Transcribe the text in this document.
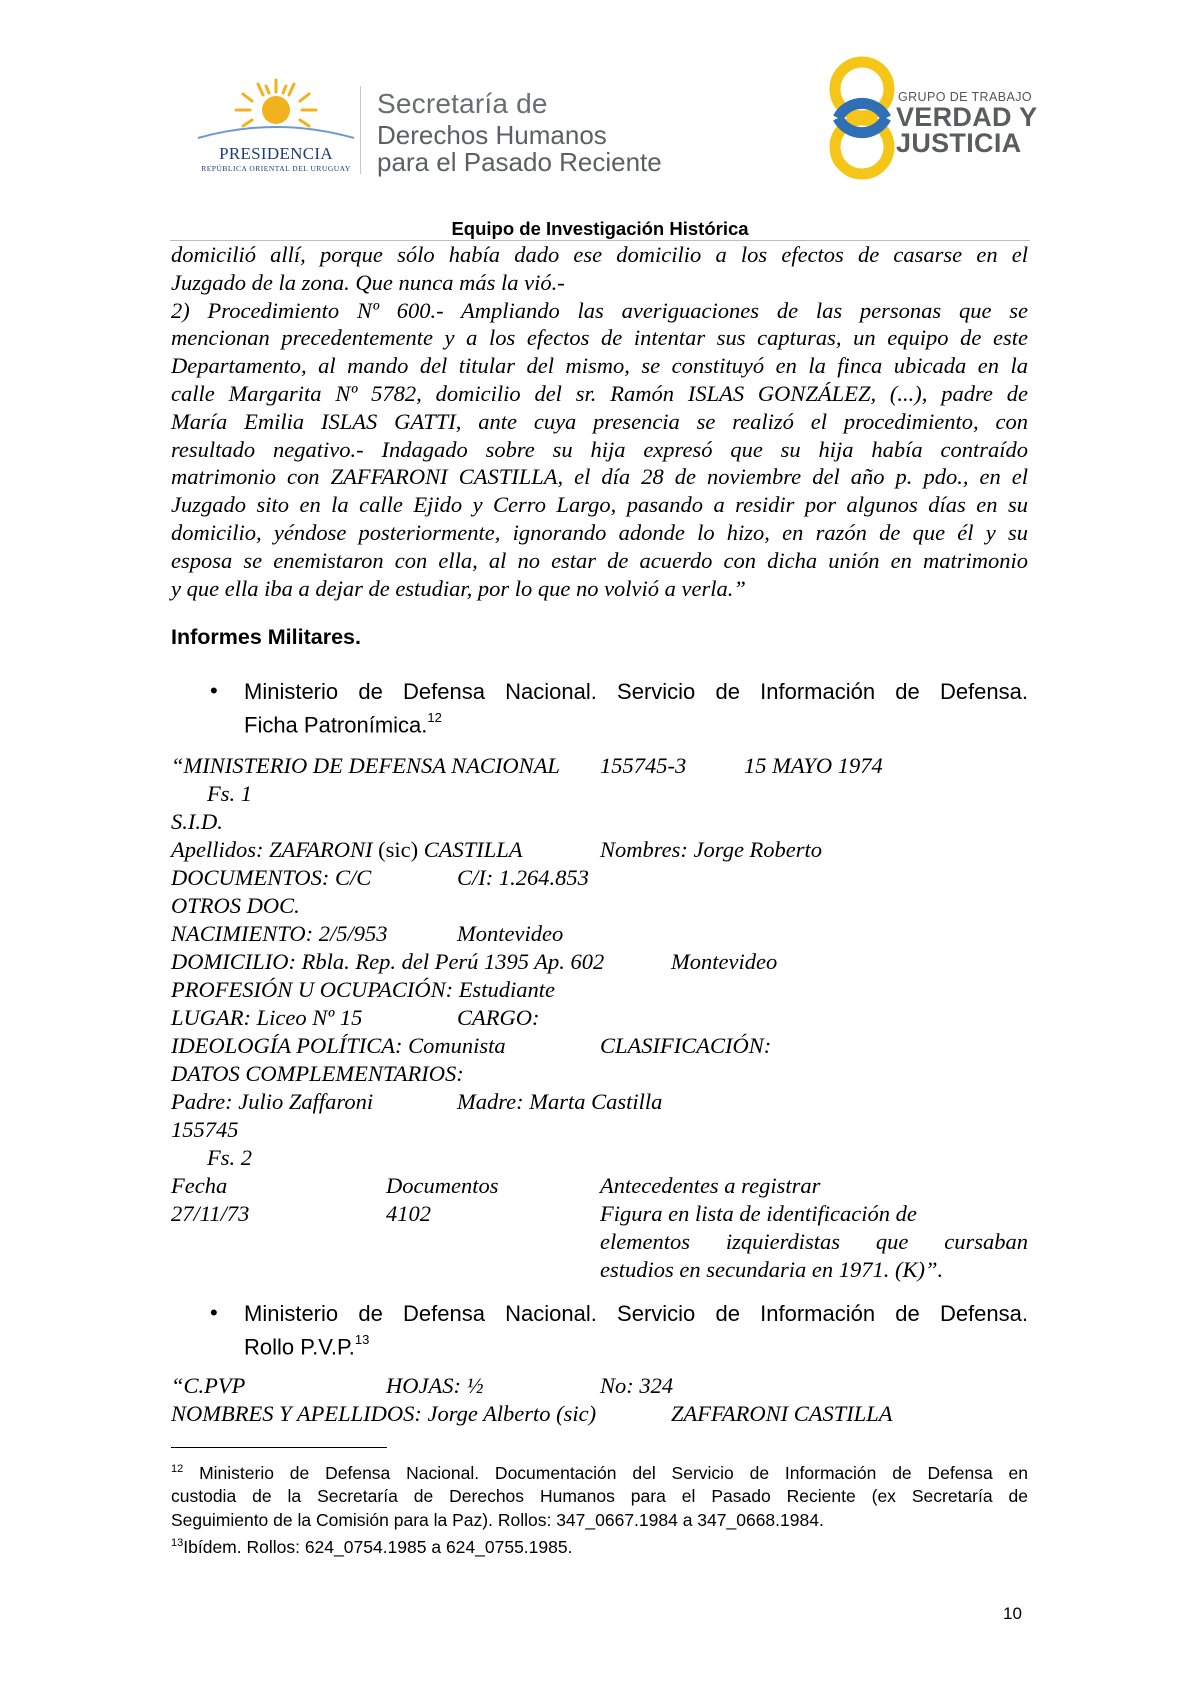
PRESIDENCIA
REPÚBLICA ORIENTAL DEL URUGUAY
Secretaría de
Derechos Humanos
para el Pasado Reciente
GRUPO DE TRABAJO
VERDAD Y
JUSTICIA
Equipo de Investigación Histórica
domicilió allí, porque sólo había dado ese domicilio a los efectos de casarse en el
Juzgado de la zona. Que nunca más la vió.-
2) Procedimiento Nº 600.- Ampliando las averiguaciones de las personas que se
mencionan precedentemente y a los efectos de intentar sus capturas, un equipo de este
Departamento, al mando del titular del mismo, se constituyó en la finca ubicada en la
calle Margarita Nº 5782, domicilio del sr. Ramón ISLAS GONZÁLEZ, (...), padre de
María Emilia ISLAS GATTI, ante cuya presencia se realizó el procedimiento, con
resultado negativo.- Indagado sobre su hija expresó que su hija había contraído
matrimonio con ZAFFARONI CASTILLA, el día 28 de noviembre del año p. pdo., en el
Juzgado sito en la calle Ejido y Cerro Largo, pasando a residir por algunos días en su
domicilio, yéndose posteriormente, ignorando adonde lo hizo, en razón de que él y su
esposa se enemistaron con ella, al no estar de acuerdo con dicha unión en matrimonio
y que ella iba a dejar de estudiar, por lo que no volvió a verla.”
Informes Militares.
• Ministerio de Defensa Nacional. Servicio de Información de Defensa.
Ficha Patronímica.$^{12}$
“MINISTERIO DE DEFENSA NACIONAL 155745-3	15 MAYO 1974
Fs. 1
S.I.D.
Apellidos: ZAFARONI (sic) CASTILLA	Nombres: Jorge Roberto
DOCUMENTOS: C/C	C/I: 1.264.853
OTROS DOC.
NACIMIENTO: 2/5/953	Montevideo
DOMICILIO: Rbla. Rep. del Perú 1395 Ap. 602	Montevideo
PROFESIÓN U OCUPACIÓN: Estudiante
LUGAR: Liceo Nº 15	CARGO:
IDEOLOGÍA POLÍTICA: Comunista	CLASIFICACIÓN:
DATOS COMPLEMENTARIOS:
Padre: Julio Zaffaroni	Madre: Marta Castilla
155745
Fs. 2
Fecha	Documentos	Antecedentes a registrar
27/11/73	4102	Figura en lista de identificación de
elementos izquierdistas que cursaban
estudios en secundaria en 1971. (K)”.
• Ministerio de Defensa Nacional. Servicio de Información de Defensa.
Rollo P.V.P.$^{13}$
“C.PVP	HOJAS: ½	No: 324
NOMBRES Y APELLIDOS: Jorge Alberto (sic)	ZAFFARONI CASTILLA
$^{12}$ Ministerio de Defensa Nacional. Documentación del Servicio de Información de Defensa en
custodia de la Secretaría de Derechos Humanos para el Pasado Reciente (ex Secretaría de
Seguimiento de la Comisión para la Paz). Rollos: 347_0667.1984 a 347_0668.1984.
$^{13}$Ibídem. Rollos: 624_0754.1985 a 624_0755.1985.
10
